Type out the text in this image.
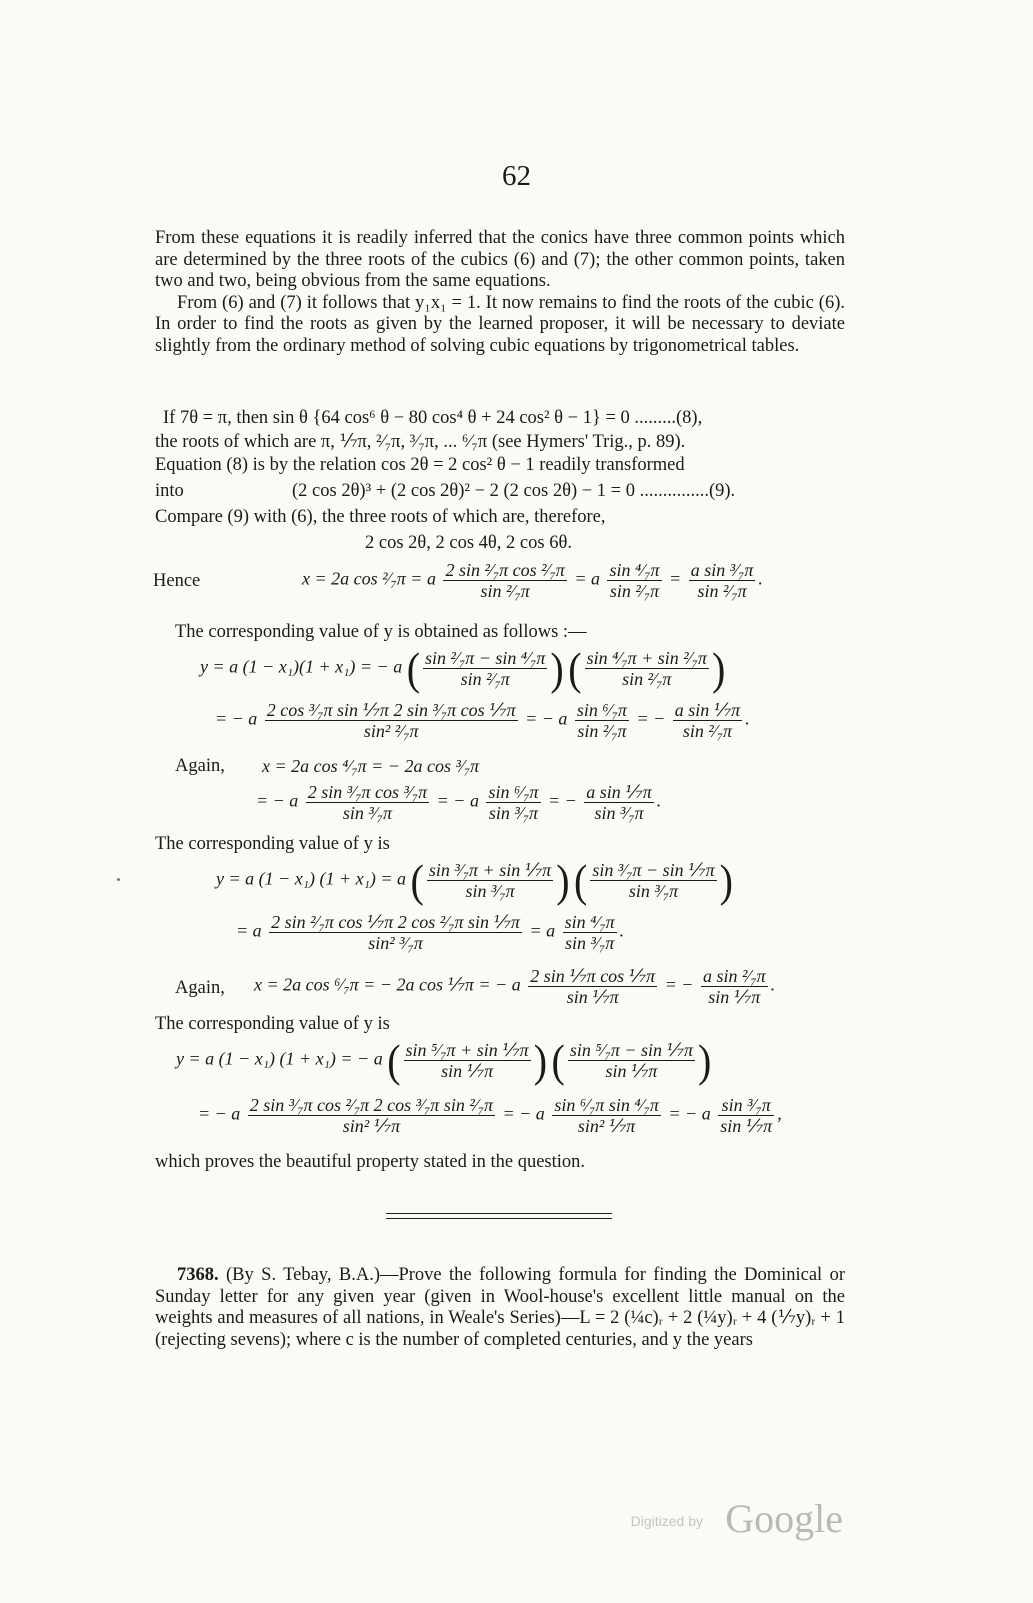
62
From these equations it is readily inferred that the conics have three common points which are determined by the three roots of the cubics (6) and (7); the other common points, taken two and two, being obvious from the same equations.
From (6) and (7) it follows that y₁x₁ = 1. It now remains to find the roots of the cubic (6). In order to find the roots as given by the learned proposer, it will be necessary to deviate slightly from the ordinary method of solving cubic equations by trigonometrical tables.
If 7θ = π, then sin θ {64 cos⁶ θ − 80 cos⁴ θ + 24 cos² θ − 1} = 0 .........(8),
the roots of which are π, ⅐π, ²⁄₇π, ³⁄₇π, ... ⁶⁄₇π (see Hymers' Trig., p. 89).
Equation (8) is by the relation cos 2θ = 2 cos² θ − 1 readily transformed
into	(2 cos 2θ)³ + (2 cos 2θ)² − 2 (2 cos 2θ) − 1 = 0 ...............(9).
Compare (9) with (6), the three roots of which are, therefore,
2 cos 2θ, 2 cos 4θ, 2 cos 6θ.
Hence	x = 2a cos ²⁄₇π = a $\frac{\text{2 sin ²⁄₇π cos ²⁄₇π}}{\text{sin ²⁄₇π}} = a \frac{\text{sin ⁴⁄₇π}}{\text{sin ²⁄₇π}} = \frac{\text{a sin ³⁄₇π}}{\text{sin ²⁄₇π}}$ .
The corresponding value of y is obtained as follows :—
y = a (1 − x₁)(1 + x₁) = − a ( $\frac{\text{sin ²⁄₇π − sin ⁴⁄₇π}}{\text{sin ²⁄₇π}}$ ) ( $\frac{\text{sin ⁴⁄₇π + sin ²⁄₇π}}{\text{sin ²⁄₇π}}$ )
= − a $\frac{\text{2 cos ³⁄₇π sin ⅐π 2 sin ³⁄₇π cos ⅐π}}{\text{sin² ²⁄₇π}}$ = − a $\frac{\text{sin ⁶⁄₇π}}{\text{sin ²⁄₇π}}$ = − $\frac{\text{a sin ⅐π}}{\text{sin ²⁄₇π}}$ .
Again, x = 2a cos ⁴⁄₇π = − 2a cos ³⁄₇π
= − a $\frac{\text{2 sin ³⁄₇π cos ³⁄₇π}}{\text{sin ³⁄₇π}}$ = − a $\frac{\text{sin ⁶⁄₇π}}{\text{sin ³⁄₇π}}$ = − $\frac{\text{a sin ⅐π}}{\text{sin ³⁄₇π}}$ .
The corresponding value of y is
y = a (1 − x₁) (1 + x₁) = a ( $\frac{\text{sin ³⁄₇π + sin ⅐π}}{\text{sin ³⁄₇π}}$ ) ( $\frac{\text{sin ³⁄₇π − sin ⅐π}}{\text{sin ³⁄₇π}}$ )
= a $\frac{\text{2 sin ²⁄₇π cos ⅐π 2 cos ²⁄₇π sin ⅐π}}{\text{sin² ³⁄₇π}} = a \frac{\text{sin ⁴⁄₇π}}{\text{sin ³⁄₇π}}$ .
Again, x = 2a cos ⁶⁄₇π = − 2a cos ⅐π = − a $\frac{\text{2 sin ⅐π cos ⅐π}}{\text{sin ⅐π}}$ = − $\frac{\text{a sin ²⁄₇π}}{\text{sin ⅐π}}$ .
The corresponding value of y is
y = a (1 − x₁) (1 + x₁) = − a ( $\frac{\text{sin ⁵⁄₇π + sin ⅐π}}{\text{sin ⅐π}}$ ) ( $\frac{\text{sin ⁵⁄₇π − sin ⅐π}}{\text{sin ⅐π}}$ )
= − a $\frac{\text{2 sin ³⁄₇π cos ²⁄₇π 2 cos ³⁄₇π sin ²⁄₇π}}{\text{sin² ⅐π}}$ = − a $\frac{\text{sin ⁶⁄₇π sin ⁴⁄₇π}}{\text{sin² ⅐π}}$ = − a $\frac{\text{sin ³⁄₇π}}{\text{sin ⅐π}}$ ,
which proves the beautiful property stated in the question.
7368. (By S. Tebay, B.A.)—Prove the following formula for finding the Dominical or Sunday letter for any given year (given in Wool-house's excellent little manual on the weights and measures of all nations, in Weale's Series)—L = 2 (¼c)ᵣ + 2 (¼y)ᵣ + 4 (⅐y)ᵣ + 1 (rejecting sevens); where c is the number of completed centuries, and y the years
Digitized by Google
